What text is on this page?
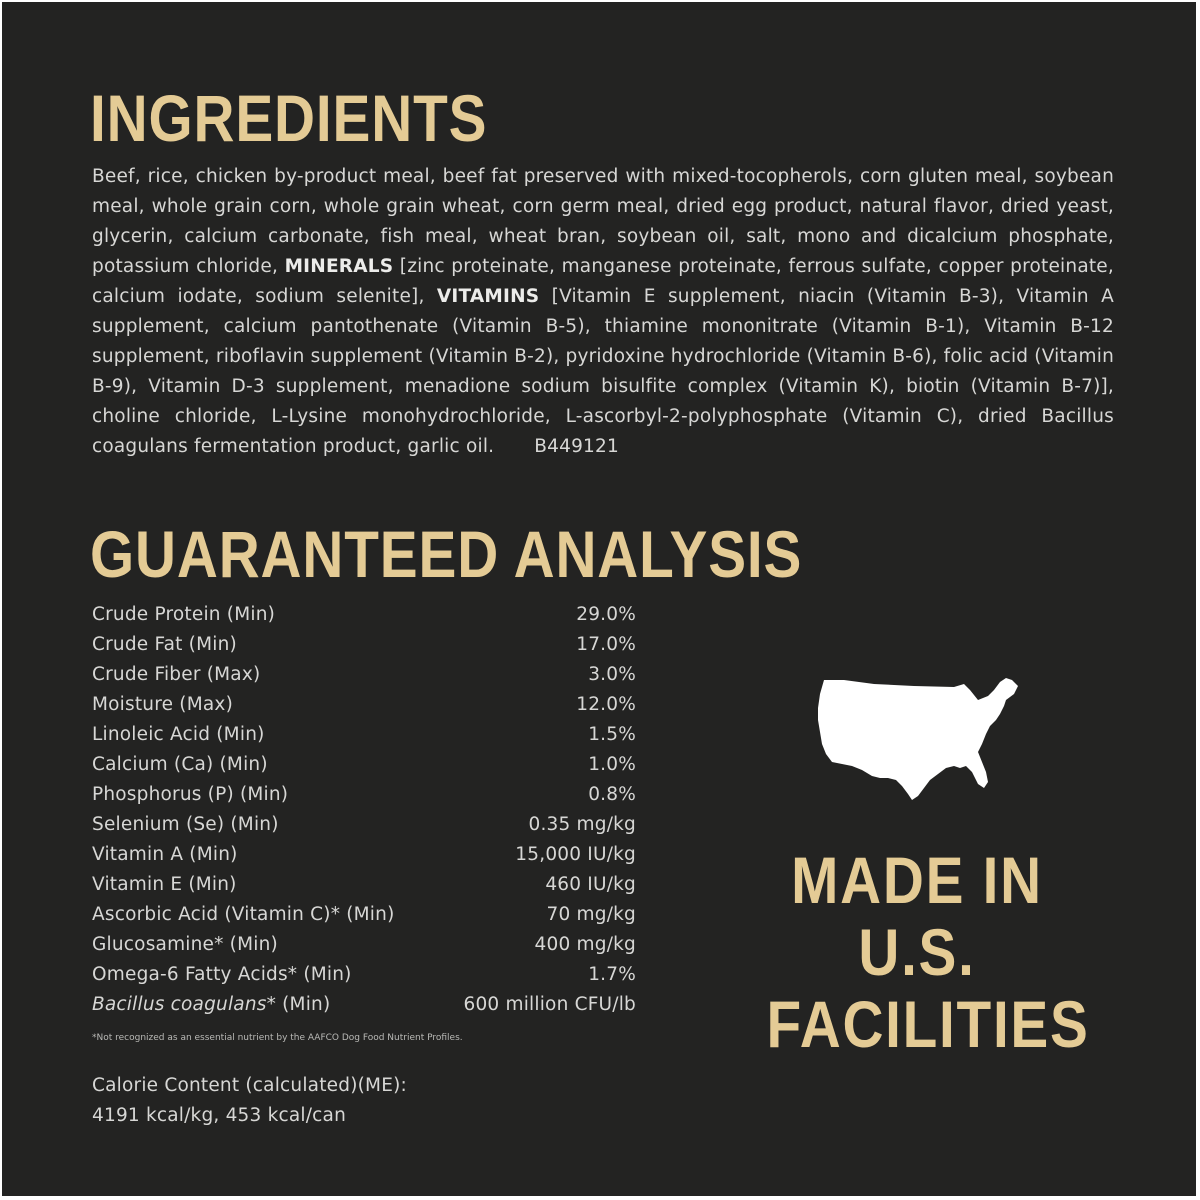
INGREDIENTS

Beef, rice, chicken by-product meal, beef fat preserved with mixed-tocopherols, corn gluten meal, soybean meal, whole grain corn, whole grain wheat, corn germ meal, dried egg product, natural flavor, dried yeast, glycerin, calcium carbonate, fish meal, wheat bran, soybean oil, salt, mono and dicalcium phosphate, potassium chloride, MINERALS [zinc proteinate, manganese proteinate, ferrous sulfate, copper proteinate, calcium iodate, sodium selenite], VITAMINS [Vitamin E supplement, niacin (Vitamin B-3), Vitamin A supplement, calcium pantothenate (Vitamin B-5), thiamine mononitrate (Vitamin B-1), Vitamin B-12 supplement, riboflavin supplement (Vitamin B-2), pyridoxine hydrochloride (Vitamin B-6), folic acid (Vitamin B-9), Vitamin D-3 supplement, menadione sodium bisulfite complex (Vitamin K), biotin (Vitamin B-7)], choline chloride, L-Lysine monohydrochloride, L-ascorbyl-2-polyphosphate (Vitamin C), dried Bacillus coagulans fermentation product, garlic oil. B449121

GUARANTEED ANALYSIS
Crude Protein (Min)	29.0%
Crude Fat (Min)	17.0%
Crude Fiber (Max)	3.0%
Moisture (Max)	12.0%
Linoleic Acid (Min)	1.5%
Calcium (Ca) (Min)	1.0%
Phosphorus (P) (Min)	0.8%
Selenium (Se) (Min)	0.35 mg/kg
Vitamin A (Min)	15,000 IU/kg
Vitamin E (Min)	460 IU/kg
Ascorbic Acid (Vitamin C)* (Min)	70 mg/kg
Glucosamine* (Min)	400 mg/kg
Omega-6 Fatty Acids* (Min)	1.7%
Bacillus coagulans* (Min)	600 million CFU/lb
*Not recognized as an essential nutrient by the AAFCO Dog Food Nutrient Profiles.
Calorie Content (calculated)(ME):
4191 kcal/kg, 453 kcal/can
MADE IN
U.S.
FACILITIES
